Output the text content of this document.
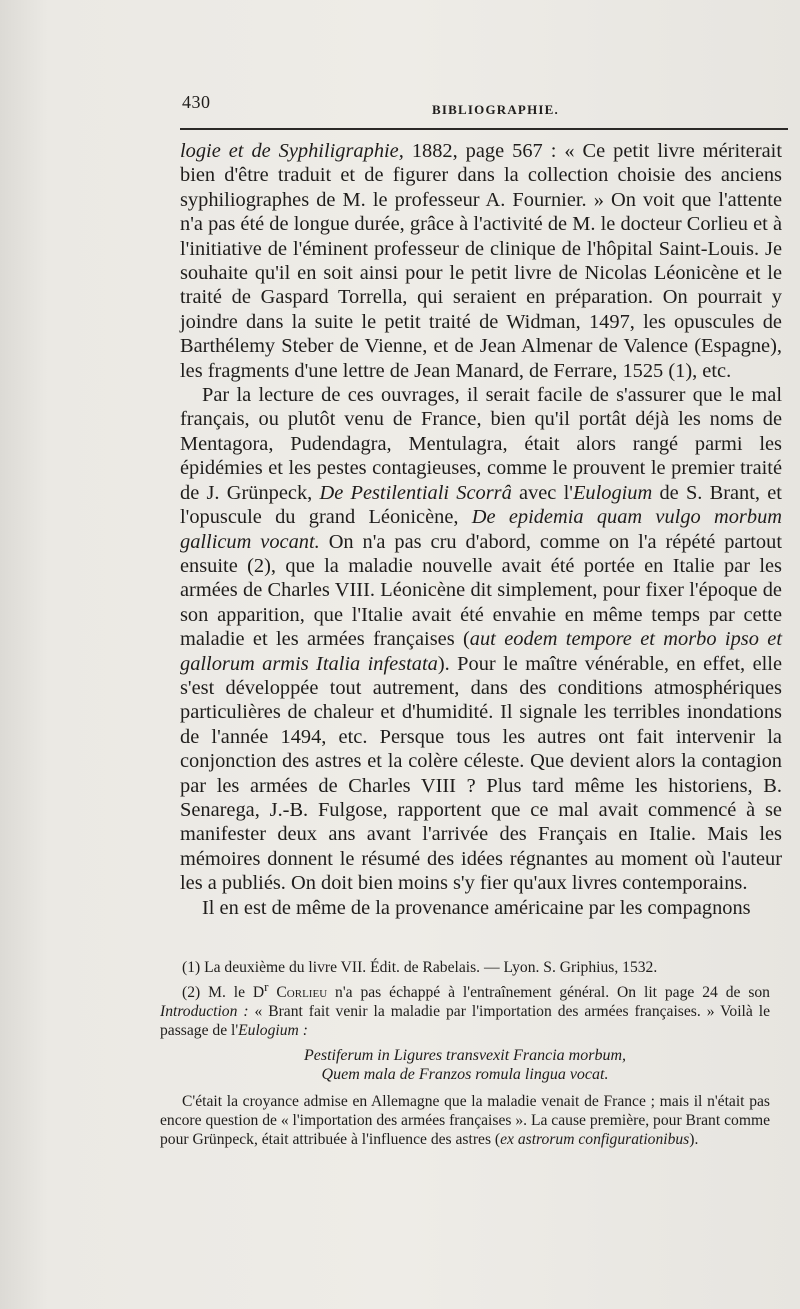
430	BIBLIOGRAPHIE.

logie et de Syphiligraphie, 1882, page 567 : « Ce petit livre mériterait bien d'être traduit et de figurer dans la collection choisie des anciens syphiliographes de M. le professeur A. Fournier. » On voit que l'attente n'a pas été de longue durée, grâce à l'activité de M. le docteur Corlieu et à l'initiative de l'éminent professeur de clinique de l'hôpital Saint-Louis. Je souhaite qu'il en soit ainsi pour le petit livre de Nicolas Léonicène et le traité de Gaspard Torrella, qui seraient en préparation. On pourrait y joindre dans la suite le petit traité de Widman, 1497, les opuscules de Barthélemy Steber de Vienne, et de Jean Almenar de Valence (Espagne), les fragments d'une lettre de Jean Manard, de Ferrare, 1525 (1), etc.

Par la lecture de ces ouvrages, il serait facile de s'assurer que le mal français, ou plutôt venu de France, bien qu'il portât déjà les noms de Mentagora, Pudendagra, Mentulagra, était alors rangé parmi les épidémies et les pestes contagieuses, comme le prouvent le premier traité de J. Grünpeck, De Pestilentiali Scorrâ avec l'Eulogium de S. Brant, et l'opuscule du grand Léonicène, De epidemia quam vulgo morbum gallicum vocant. On n'a pas cru d'abord, comme on l'a répété partout ensuite (2), que la maladie nouvelle avait été portée en Italie par les armées de Charles VIII. Léonicène dit simplement, pour fixer l'époque de son apparition, que l'Italie avait été envahie en même temps par cette maladie et les armées françaises (aut eodem tempore et morbo ipso et gallorum armis Italia infestata). Pour le maître vénérable, en effet, elle s'est développée tout autrement, dans des conditions atmosphériques particulières de chaleur et d'humidité. Il signale les terribles inondations de l'année 1494, etc. Persque tous les autres ont fait intervenir la conjonction des astres et la colère céleste. Que devient alors la contagion par les armées de Charles VIII ? Plus tard même les historiens, B. Senarega, J.-B. Fulgose, rapportent que ce mal avait commencé à se manifester deux ans avant l'arrivée des Français en Italie. Mais les mémoires donnent le résumé des idées régnantes au moment où l'auteur les a publiés. On doit bien moins s'y fier qu'aux livres contemporains.

Il en est de même de la provenance américaine par les compagnons

(1) La deuxième du livre VII. Édit. de Rabelais. — Lyon. S. Griphius, 1532.

(2) M. le $D^r$ Corlieu n'a pas échappé à l'entraînement général. On lit page 24 de son Introduction : « Brant fait venir la maladie par l'importation des armées françaises. » Voilà le passage de l'Eulogium :

Pestiferum in Ligures transvexit Francia morbum,
Quem mala de Franzos romula lingua vocat.

C'était la croyance admise en Allemagne que la maladie venait de France ; mais il n'était pas encore question de « l'importation des armées françaises ». La cause première, pour Brant comme pour Grünpeck, était attribuée à l'influence des astres (ex astrorum configurationibus).
